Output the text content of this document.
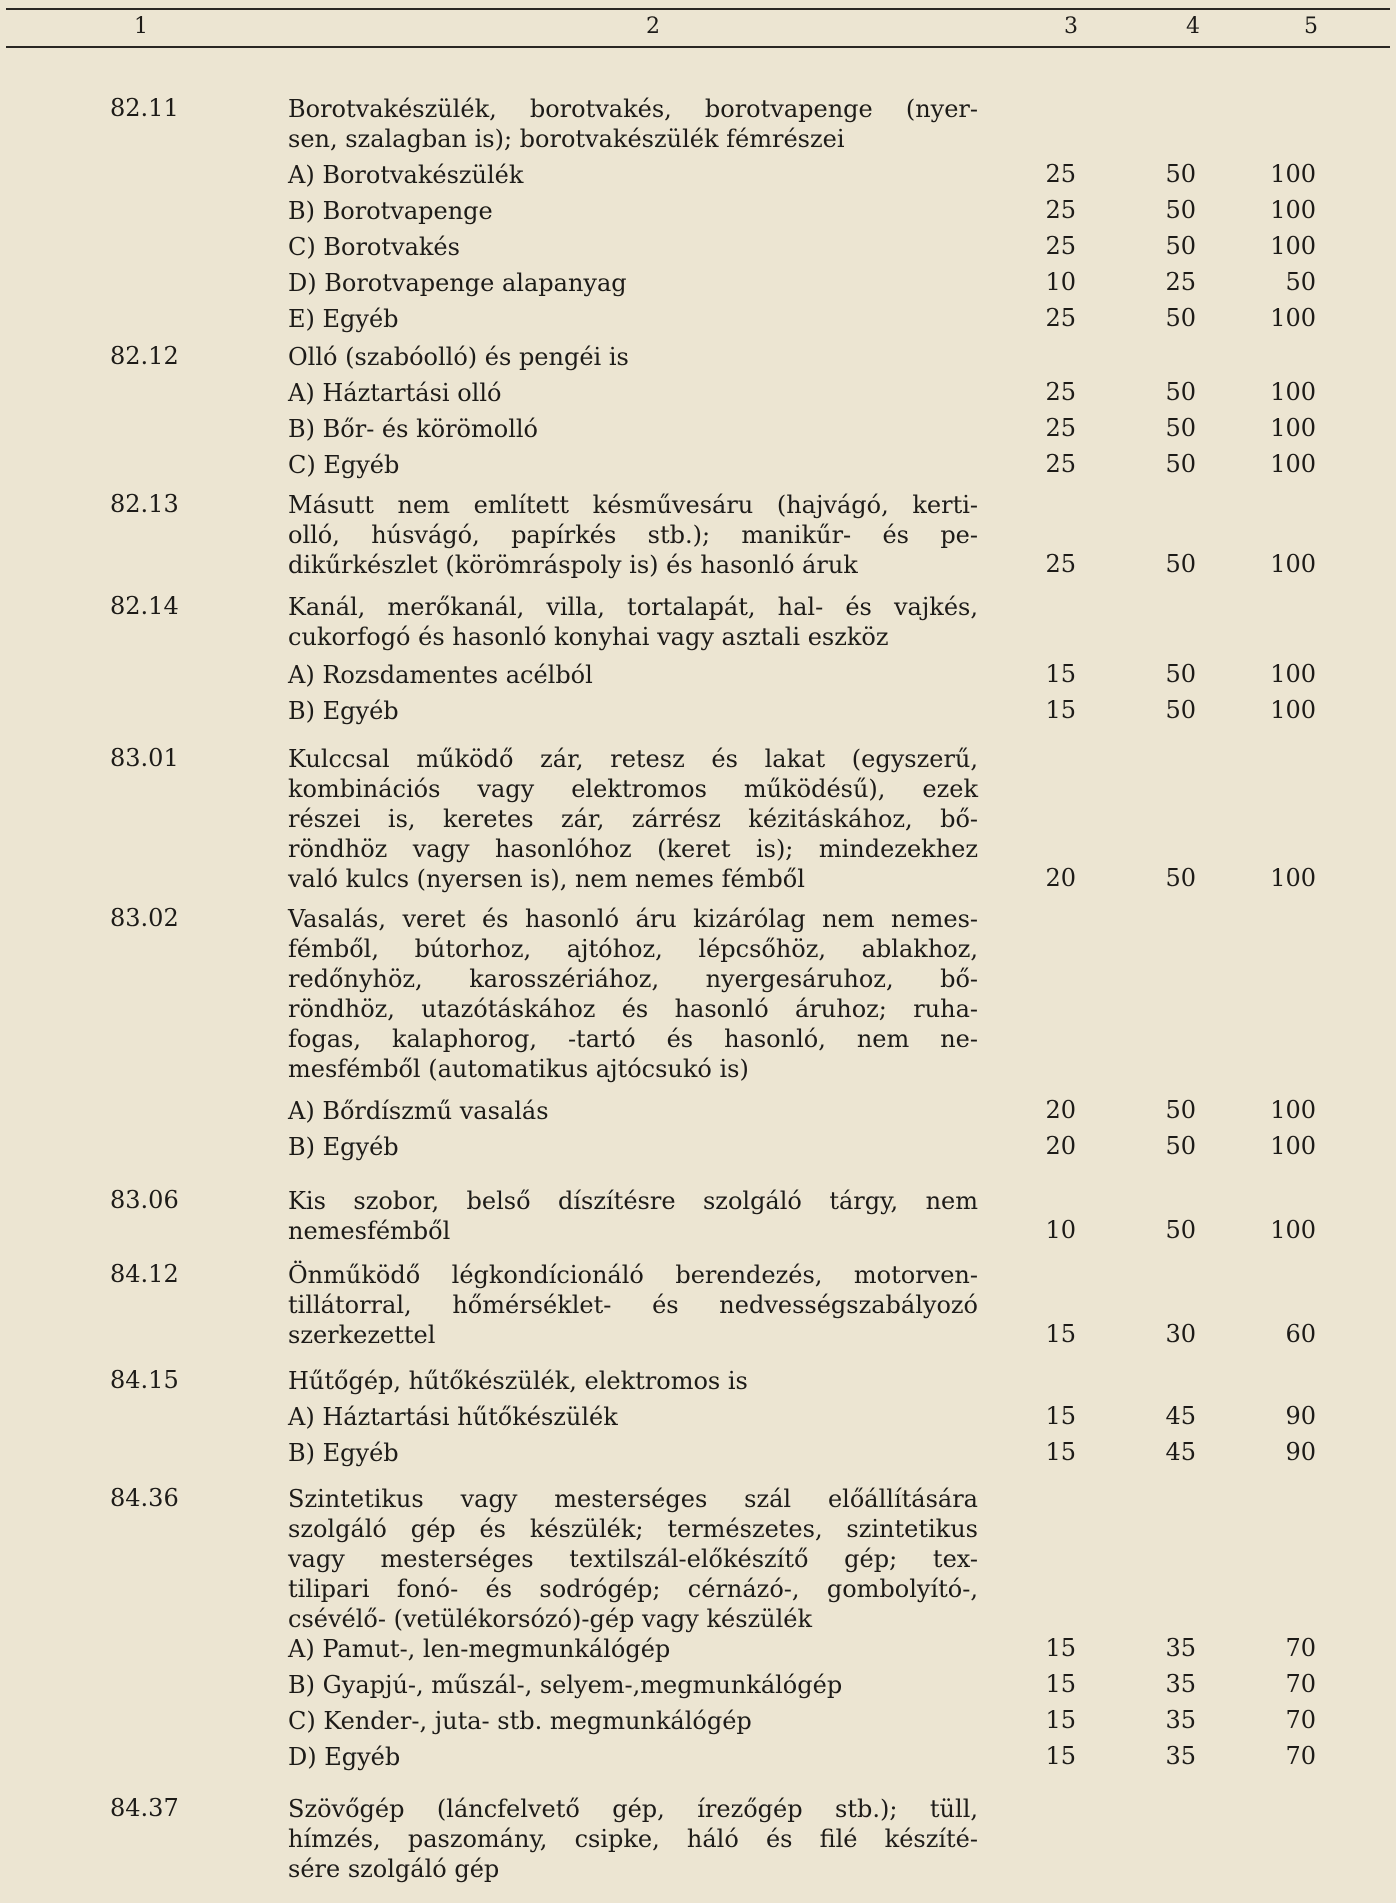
1	2	3	4	5
82.11	Borotvakészülék, borotvakés, borotvapenge (nyer-
sen, szalagban is); borotvakészülék fémrészei
A) Borotvakészülék	25	50	100
B) Borotvapenge	25	50	100
C) Borotvakés	25	50	100
D) Borotvapenge alapanyag	10	25	50
E) Egyéb	25	50	100
82.12	Olló (szabóolló) és pengéi is
A) Háztartási olló	25	50	100
B) Bőr- és körömolló	25	50	100
C) Egyéb	25	50	100
82.13	Másutt nem említett késművesáru (hajvágó, kerti-
olló, húsvágó, papírkés stb.); manikűr- és pe-
dikűrkészlet (körömráspoly is) és hasonló áruk	25	50	100
82.14	Kanál, merőkanál, villa, tortalapát, hal- és vajkés,
cukorfogó és hasonló konyhai vagy asztali eszköz
A) Rozsdamentes acélból	15	50	100
B) Egyéb	15	50	100
83.01	Kulccsal működő zár, retesz és lakat (egyszerű,
kombinációs vagy elektromos működésű), ezek
részei is, keretes zár, zárrész kézitáskához, bő-
röndhöz vagy hasonlóhoz (keret is); mindezekhez
való kulcs (nyersen is), nem nemes fémből	20	50	100
83.02	Vasalás, veret és hasonló áru kizárólag nem nemes-
fémből, bútorhoz, ajtóhoz, lépcsőhöz, ablakhoz,
redőnyhöz, karosszériához, nyergesáruhoz, bő-
röndhöz, utazótáskához és hasonló áruhoz; ruha-
fogas, kalaphorog, -tartó és hasonló, nem ne-
mesfémből (automatikus ajtócsukó is)
A) Bőrdíszmű vasalás	20	50	100
B) Egyéb	20	50	100
83.06	Kis szobor, belső díszítésre szolgáló tárgy, nem
nemesfémből	10	50	100
84.12	Önműködő légkondícionáló berendezés, motorven-
tillátorral, hőmérséklet- és nedvességszabályozó
szerkezettel	15	30	60
84.15	Hűtőgép, hűtőkészülék, elektromos is
A) Háztartási hűtőkészülék	15	45	90
B) Egyéb	15	45	90
84.36	Szintetikus vagy mesterséges szál előállítására
szolgáló gép és készülék; természetes, szintetikus
vagy mesterséges textilszál-előkészítő gép; tex-
tilipari fonó- és sodrógép; cérnázó-, gombolyító-,
csévélő- (vetülékorsózó)-gép vagy készülék
A) Pamut-, len-megmunkálógép	15	35	70
B) Gyapjú-, műszál-, selyem-,megmunkálógép	15	35	70
C) Kender-, juta- stb. megmunkálógép	15	35	70
D) Egyéb	15	35	70
84.37	Szövőgép (láncfelvető gép, írezőgép stb.); tüll,
hímzés, paszomány, csipke, háló és filé készíté-
sére szolgáló gép
